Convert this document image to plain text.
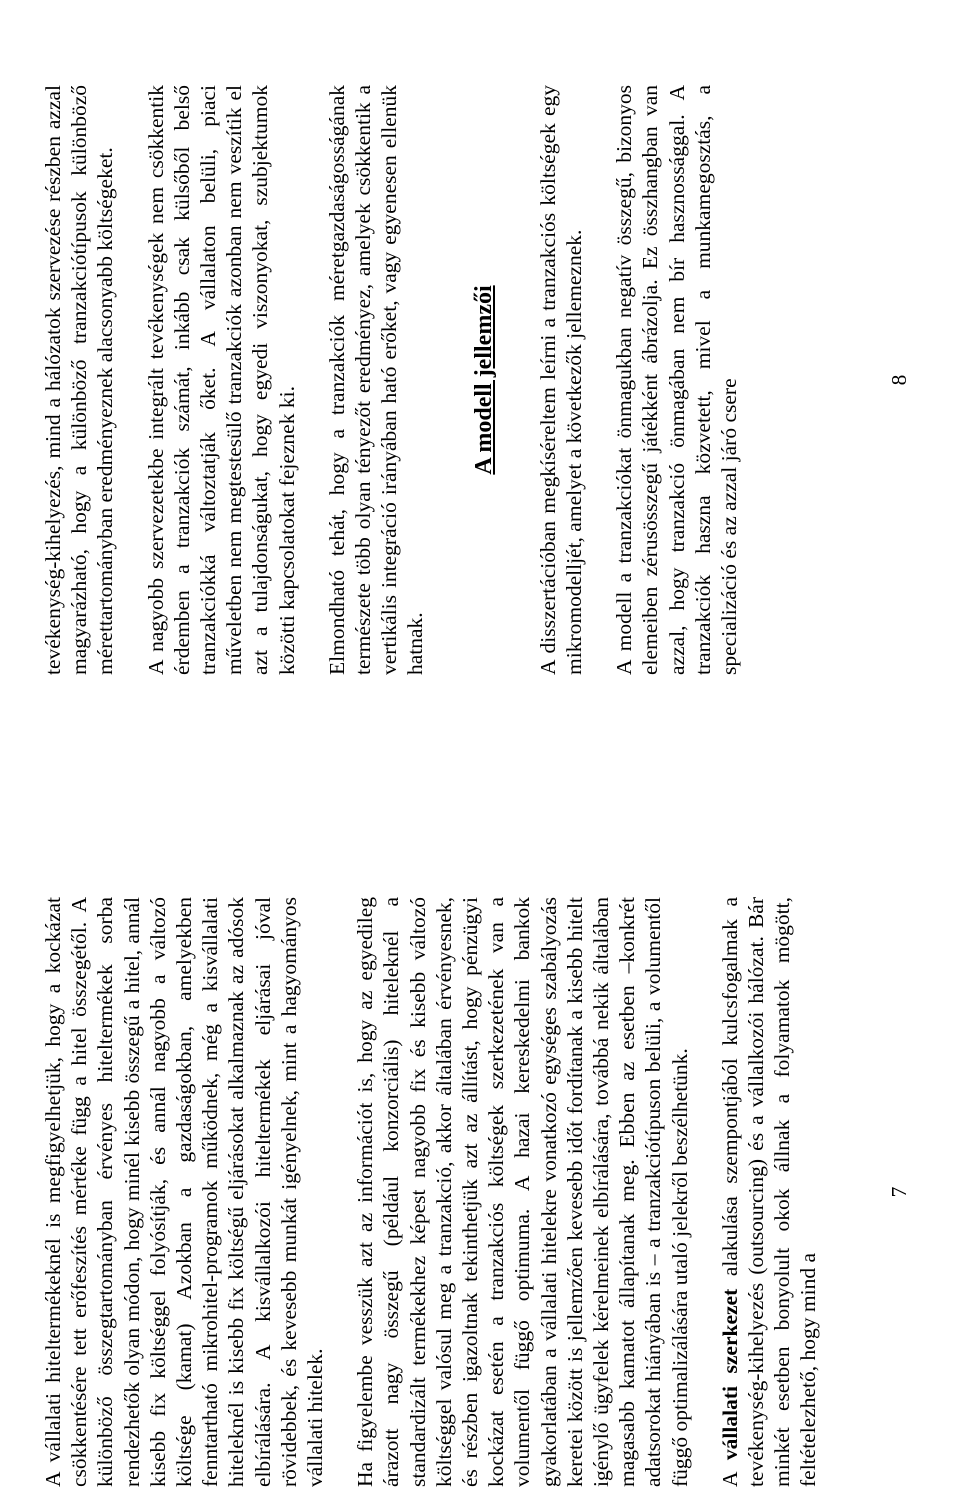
A vállalati hiteltermékeknél is megfigyelhetjük, hogy a kockázat csökkentésére tett erőfeszítés mértéke függ a hitel összegétől. A különböző összegtartományban érvényes hiteltermékek sorba rendezhetők olyan módon, hogy minél kisebb összegű a hitel, annál kisebb fix költséggel folyósítják, és annál nagyobb a változó költsége (kamat) Azokban a gazdaságokban, amelyekben fenntartható mikrohitel-programok működnek, még a kisvállalati hiteleknél is kisebb fix költségű eljárásokat alkalmaznak az adósok elbírálására. A kisvállalkozói hiteltermékek eljárásai jóval rövidebbek, és kevesebb munkát igényelnek, mint a hagyományos vállalati hitelek. Ha figyelembe vesszük azt az információt is, hogy az egyedileg árazott nagy összegű (például konzorciális) hiteleknél a standardizált termékekhez képest nagyobb fix és kisebb változó költséggel valósul meg a tranzakció, akkor általában érvényesnek, és részben igazoltnak tekinthetjük azt az állítást, hogy pénzügyi kockázat esetén a tranzakciós költségek szerkezetének van a volumentől függő optimuma. A hazai kereskedelmi bankok gyakorlatában a vállalati hitelekre vonatkozó egységes szabályozás keretei között is jellemzően kevesebb időt fordítanak a kisebb hitelt igénylő ügyfelek kérelmeinek elbírálására, továbbá nekik általában magasabb kamatot állapítanak meg. Ebben az esetben –konkrét adatsorokat hiányában is – a tranzakciótípuson belüli, a volumentől függő optimalizálására utaló jelekről beszélhetünk. A vállalati szerkezet alakulása szempontjából kulcsfogalmak a tevékenység-kihelyezés (outsourcing) és a vállalkozói hálózat. Bár minkét esetben bonyolult okok állnak a folyamatok mögött, feltételezhető, hogy mind a

7

tevékenység-kihelyezés, mind a hálózatok szervezése részben azzal magyarázható, hogy a különböző tranzakciótípusok különböző mérettartományban eredményeznek alacsonyabb költségeket. A nagyobb szervezetekbe integrált tevékenységek nem csökkentik érdemben a tranzakciók számát, inkább csak külsőből belső tranzakciókká változtatják őket. A vállalaton belüli, piaci műveletben nem megtestesülő tranzakciók azonban nem veszítik el azt a tulajdonságukat, hogy egyedi viszonyokat, szubjektumok közötti kapcsolatokat fejeznek ki. Elmondható tehát, hogy a tranzakciók méretgazdaságosságának természete több olyan tényezőt eredményez, amelyek csökkentik a vertikális integráció irányában ható erőket, vagy egyenesen ellenük hatnak.

A modell jellemzői A disszertációban megkíséreltem leírni a tranzakciós költségek egy mikromodelljét, amelyet a következők jellemeznek. A modell a tranzakciókat önmagukban negatív összegű, bizonyos elemeiben zérusösszegű játékként ábrázolja. Ez összhangban van azzal, hogy tranzakció önmagában nem bír hasznossággal. A tranzakciók haszna közvetett, mivel a munkamegosztás, a specializáció és az azzal járó csere	8
